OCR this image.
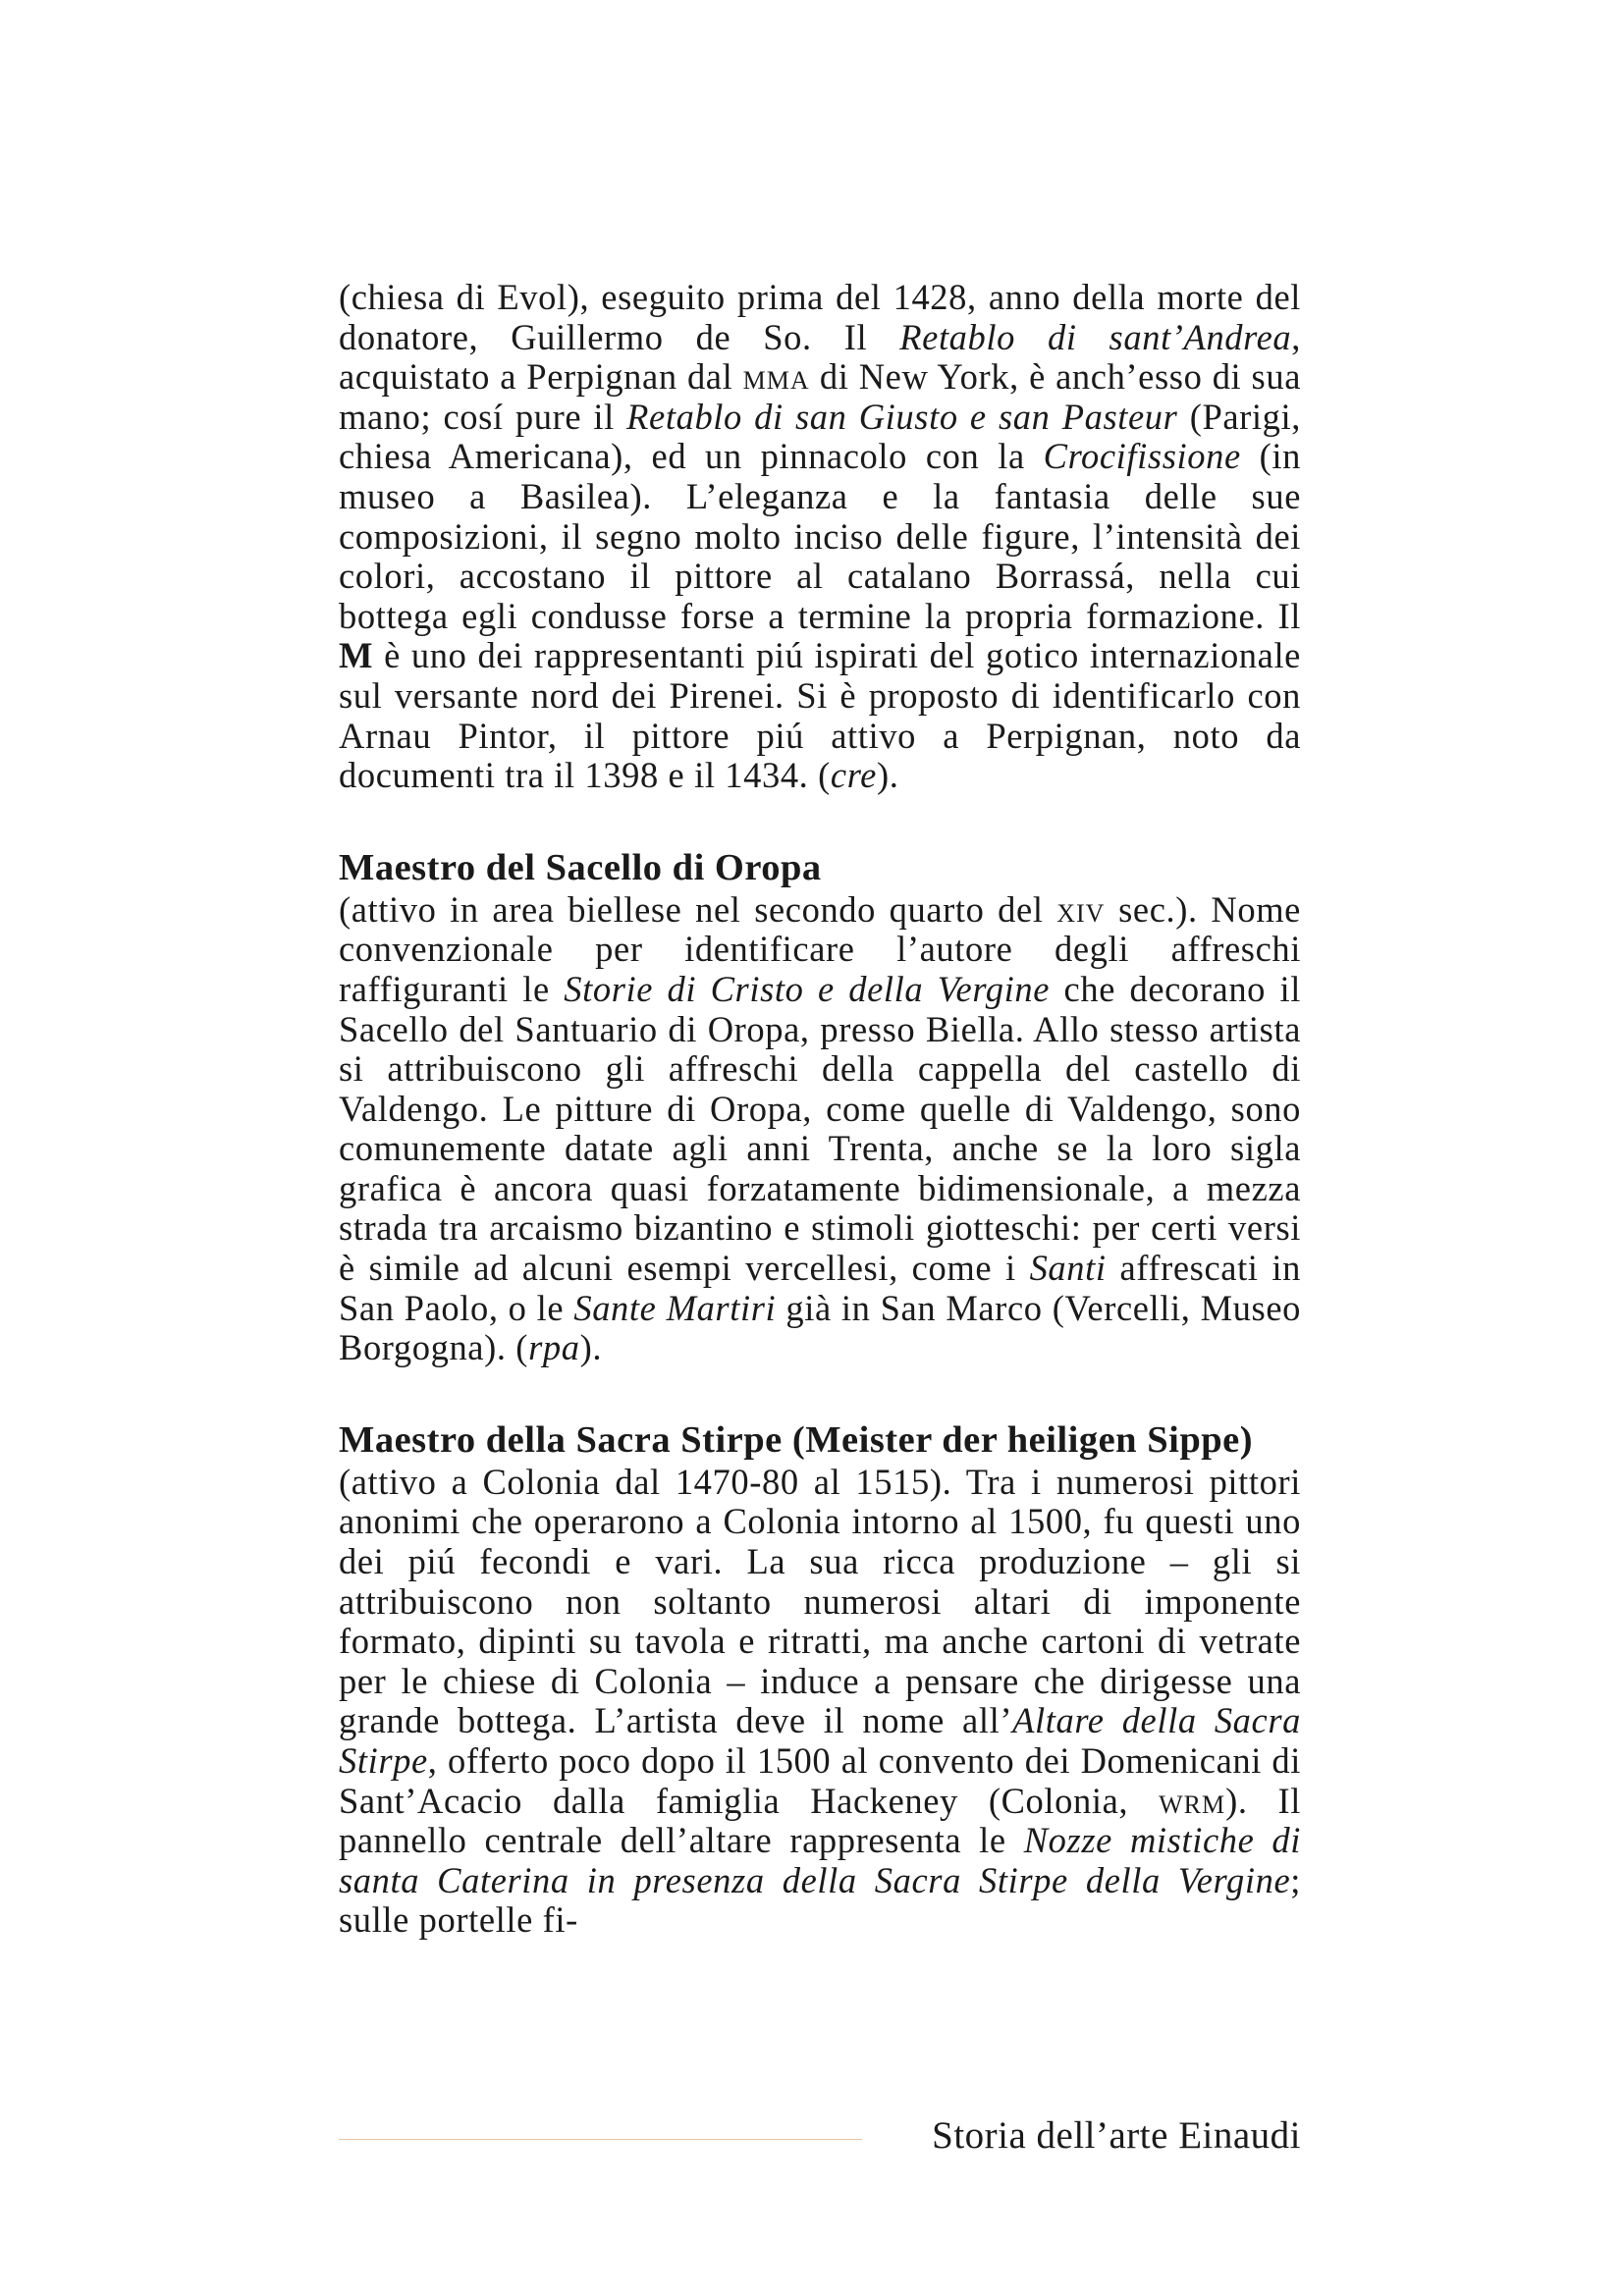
(chiesa di Evol), eseguito prima del 1428, anno della morte del donatore, Guillermo de So. Il Retablo di sant’Andrea, acquistato a Perpignan dal mma di New York, è anch’esso di sua mano; cosí pure il Retablo di san Giusto e san Pasteur (Parigi, chiesa Americana), ed un pinnacolo con la Crocifissione (in museo a Basilea). L’eleganza e la fantasia delle sue composizioni, il segno molto inciso delle figure, l’intensità dei colori, accostano il pittore al catalano Borrassá, nella cui bottega egli condusse forse a termine la propria formazione. Il M è uno dei rappresentanti piú ispirati del gotico internazionale sul versante nord dei Pirenei. Si è proposto di identificarlo con Arnau Pintor, il pittore piú attivo a Perpignan, noto da documenti tra il 1398 e il 1434. (cre).

Maestro del Sacello di Oropa

(attivo in area biellese nel secondo quarto del xiv sec.). Nome convenzionale per identificare l’autore degli affreschi raffiguranti le Storie di Cristo e della Vergine che decorano il Sacello del Santuario di Oropa, presso Biella. Allo stesso artista si attribuiscono gli affreschi della cappella del castello di Valdengo. Le pitture di Oropa, come quelle di Valdengo, sono comunemente datate agli anni Trenta, anche se la loro sigla grafica è ancora quasi forzatamente bidimensionale, a mezza strada tra arcaismo bizantino e stimoli giotteschi: per certi versi è simile ad alcuni esempi vercellesi, come i Santi affrescati in San Paolo, o le Sante Martiri già in San Marco (Vercelli, Museo Borgogna). (rpa).

Maestro della Sacra Stirpe (Meister der heiligen Sippe)

(attivo a Colonia dal 1470-80 al 1515). Tra i numerosi pittori anonimi che operarono a Colonia intorno al 1500, fu questi uno dei piú fecondi e vari. La sua ricca produzione – gli si attribuiscono non soltanto numerosi altari di imponente formato, dipinti su tavola e ritratti, ma anche cartoni di vetrate per le chiese di Colonia – induce a pensare che dirigesse una grande bottega. L’artista deve il nome all’Altare della Sacra Stirpe, offerto poco dopo il 1500 al convento dei Domenicani di Sant’Acacio dalla famiglia Hackeney (Colonia, wrm). Il pannello centrale dell’altare rappresenta le Nozze mistiche di santa Caterina in presenza della Sacra Stirpe della Vergine; sulle portelle fi-

Storia dell’arte Einaudi
